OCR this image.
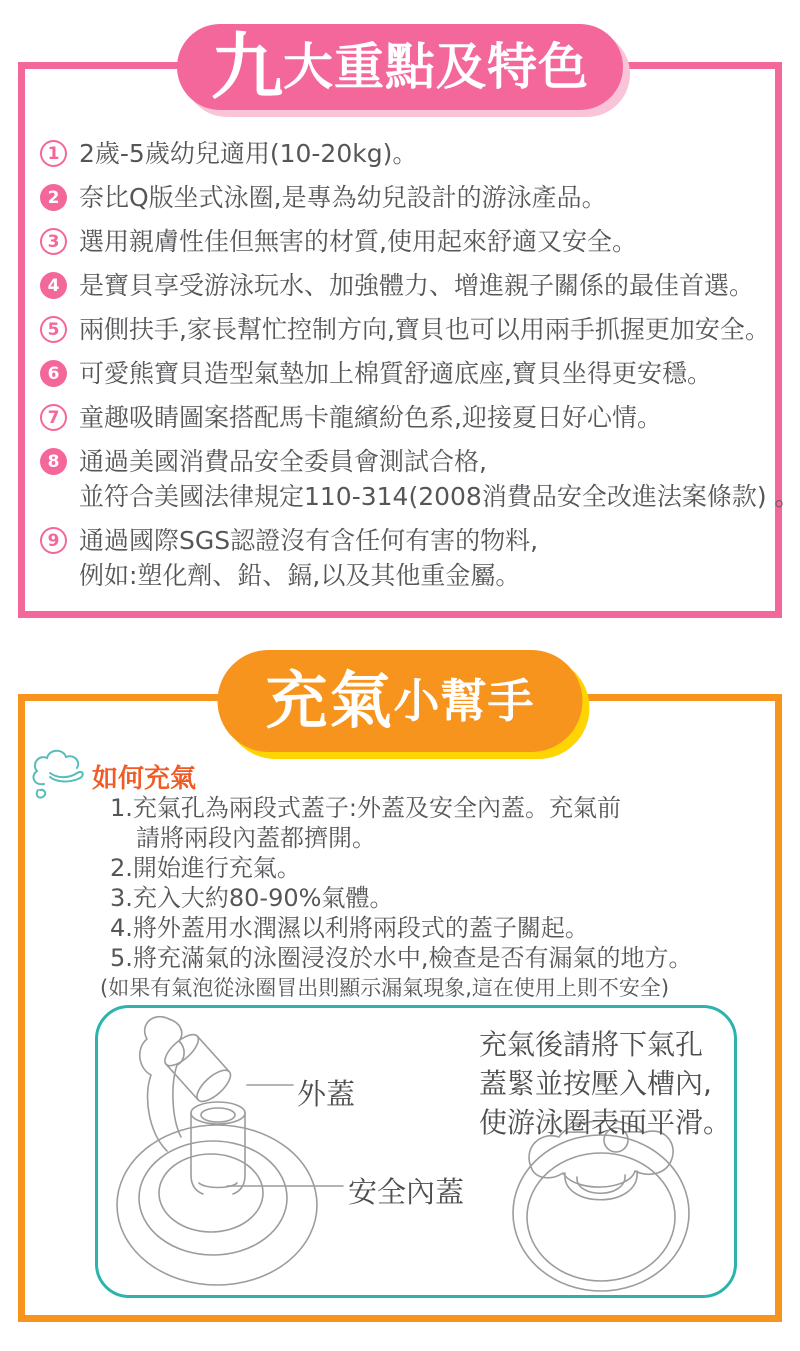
九 大重點及特色
1 2歲-5歲幼兒適用(10-20kg)。
2 奈比Q版坐式泳圈,是專為幼兒設計的游泳產品。
3 選用親膚性佳但無害的材質,使用起來舒適又安全。
4 是寶貝享受游泳玩水、加強體力、增進親子關係的最佳首選。
5 兩側扶手,家長幫忙控制方向,寶貝也可以用兩手抓握更加安全。
6 可愛熊寶貝造型氣墊加上棉質舒適底座,寶貝坐得更安穩。
7 童趣吸睛圖案搭配馬卡龍繽紛色系,迎接夏日好心情。
8 通過美國消費品安全委員會測試合格,
並符合美國法律規定110-314(2008消費品安全改進法案條款) 。
9 通過國際SGS認證沒有含任何有害的物料,
例如:塑化劑、鉛、鎘,以及其他重金屬。
充氣 小幫手
如何充氣
1.充氣孔為兩段式蓋子:外蓋及安全內蓋。充氣前
請將兩段內蓋都擠開。
2.開始進行充氣。
3.充入大約80-90%氣體。
4.將外蓋用水潤濕以利將兩段式的蓋子關起。
5.將充滿氣的泳圈浸沒於水中,檢查是否有漏氣的地方。
(如果有氣泡從泳圈冒出則顯示漏氣現象,這在使用上則不安全)
外蓋
安全內蓋
充氣後請將下氣孔
蓋緊並按壓入槽內,
使游泳圈表面平滑。
